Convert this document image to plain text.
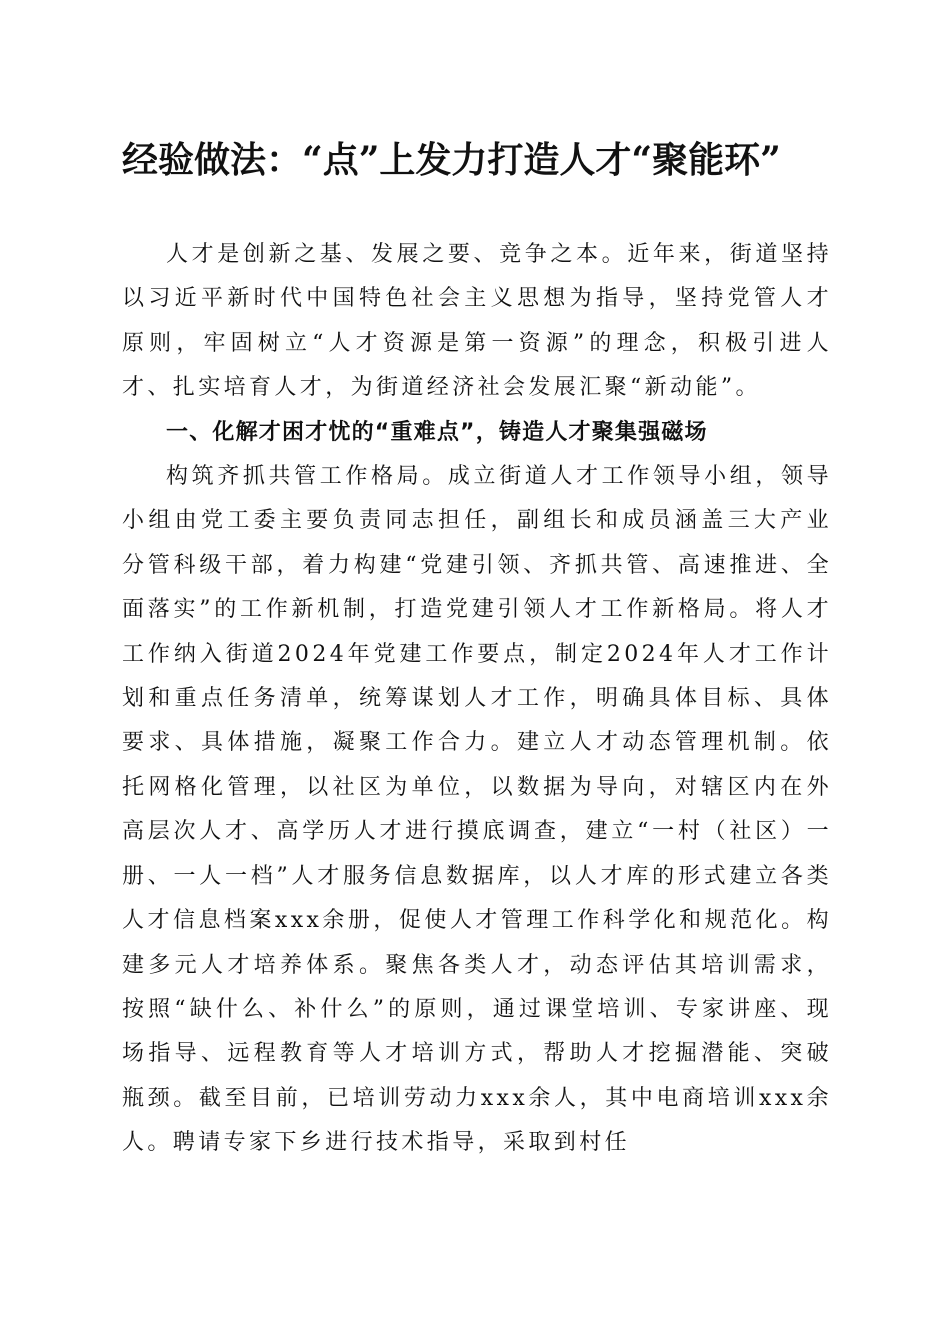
经验做法：“点”上发力打造人才“聚能环”

人才是创新之基、发展之要、竞争之本。近年来，街道坚持以习近平新时代中国特色社会主义思想为指导，坚持党管人才原则，牢固树立“人才资源是第一资源”的理念，积极引进人才、扎实培育人才，为街道经济社会发展汇聚“新动能”。

一、化解才困才忧的“重难点”，铸造人才聚集强磁场

构筑齐抓共管工作格局。成立街道人才工作领导小组，领导小组由党工委主要负责同志担任，副组长和成员涵盖三大产业分管科级干部，着力构建“党建引领、齐抓共管、高速推进、全面落实”的工作新机制，打造党建引领人才工作新格局。将人才工作纳入街道2024年党建工作要点，制定2024年人才工作计划和重点任务清单，统筹谋划人才工作，明确具体目标、具体要求、具体措施，凝聚工作合力。建立人才动态管理机制。依托网格化管理，以社区为单位，以数据为导向，对辖区内在外高层次人才、高学历人才进行摸底调查，建立“一村（社区）一册、一人一档”人才服务信息数据库，以人才库的形式建立各类人才信息档案xxx余册，促使人才管理工作科学化和规范化。构建多元人才培养体系。聚焦各类人才，动态评估其培训需求，按照“缺什么、补什么”的原则，通过课堂培训、专家讲座、现场指导、远程教育等人才培训方式，帮助人才挖掘潜能、突破瓶颈。截至目前，已培训劳动力xxx余人，其中电商培训xxx余人。聘请专家下乡进行技术指导，采取到村任
